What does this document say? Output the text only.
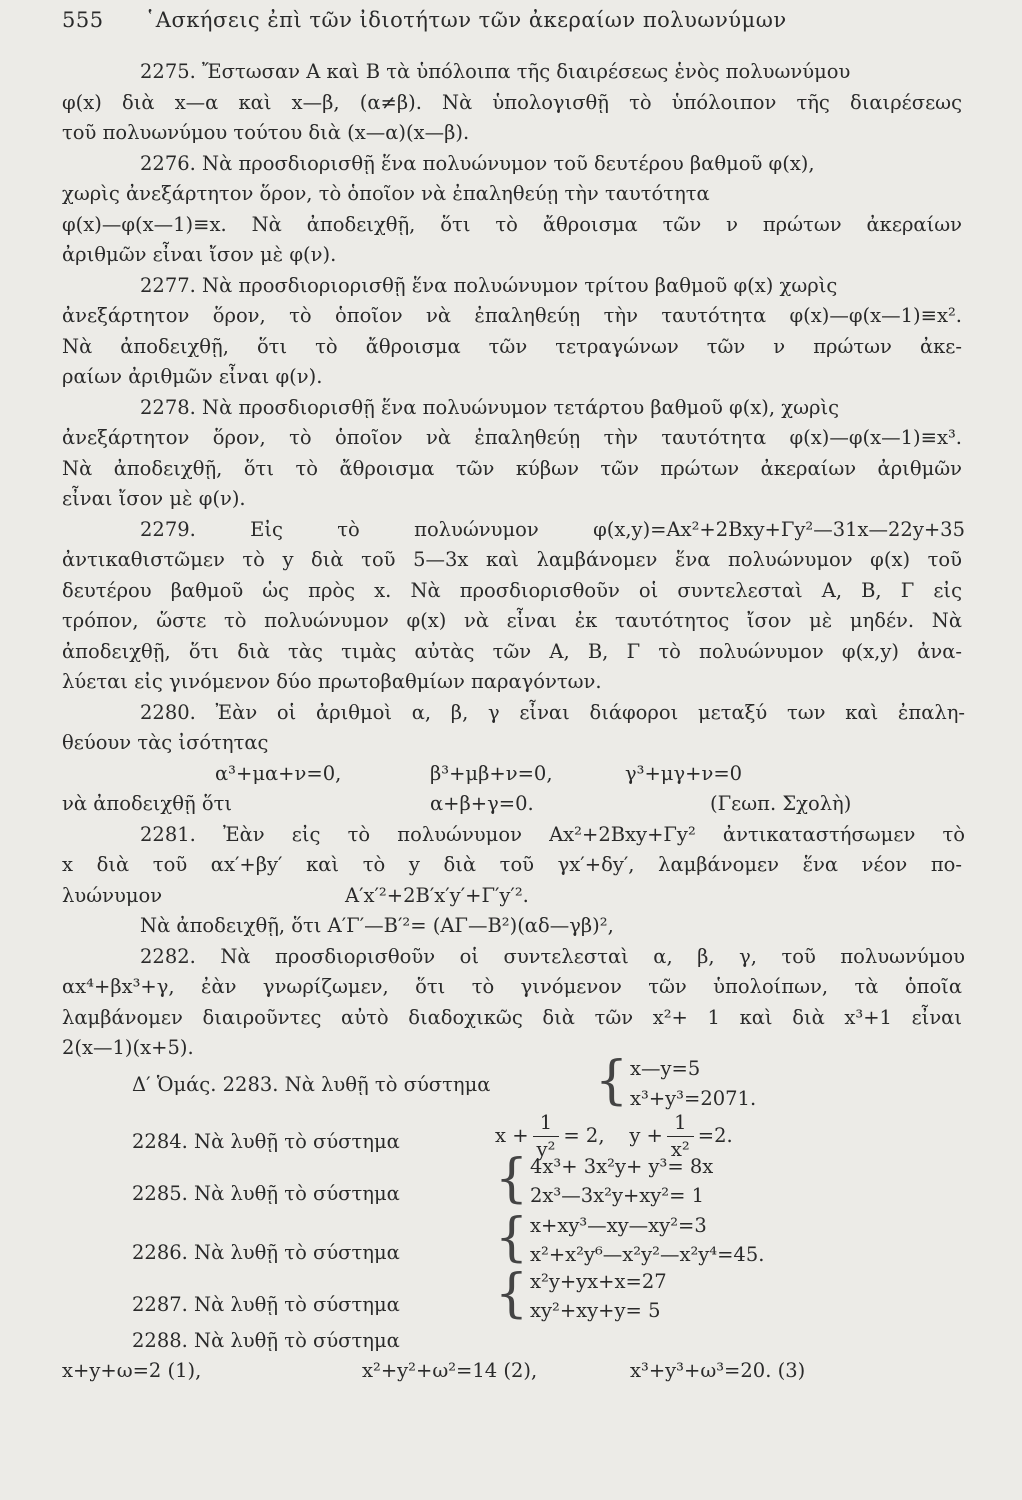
555 ῾Ασκήσεις ἐπὶ τῶν ἰδιοτήτων τῶν ἀκεραίων πολυωνύμων
2275. Ἔστωσαν Α καὶ Β τὰ ὑπόλοιπα τῆς διαιρέσεως ἑνὸς πολυωνύμου
φ(x) διὰ x—α καὶ x—β, (α≠β). Νὰ ὑπολογισθῇ τὸ ὑπόλοιπον τῆς διαιρέσεως
τοῦ πολυωνύμου τούτου διὰ (x—α)(x—β).
2276. Νὰ προσδιορισθῇ ἕνα πολυώνυμον τοῦ δευτέρου βαθμοῦ φ(x),
χωρὶς ἀνεξάρτητον ὅρον, τὸ ὁποῖον νὰ ἐπαληθεύῃ τὴν ταυτότητα
φ(x)—φ(x—1)≡x. Νὰ ἀποδειχθῇ, ὅτι τὸ ἄθροισμα τῶν ν πρώτων ἀκεραίων
ἀριθμῶν εἶναι ἴσον μὲ φ(ν).
2277. Νὰ προσδιοριορισθῇ ἕνα πολυώνυμον τρίτου βαθμοῦ φ(x) χωρὶς
ἀνεξάρτητον ὅρον, τὸ ὁποῖον νὰ ἐπαληθεύῃ τὴν ταυτότητα φ(x)—φ(x—1)≡x².
Νὰ ἀποδειχθῇ, ὅτι τὸ ἄθροισμα τῶν τετραγώνων τῶν ν πρώτων ἀκε-
ραίων ἀριθμῶν εἶναι φ(ν).
2278. Νὰ προσδιορισθῇ ἕνα πολυώνυμον τετάρτου βαθμοῦ φ(x), χωρὶς
ἀνεξάρτητον ὅρον, τὸ ὁποῖον νὰ ἐπαληθεύῃ τὴν ταυτότητα φ(x)—φ(x—1)≡x³.
Νὰ ἀποδειχθῇ, ὅτι τὸ ἄθροισμα τῶν κύβων τῶν πρώτων ἀκεραίων ἀριθμῶν
εἶναι ἴσον μὲ φ(ν).
2279. Εἰς τὸ πολυώνυμον φ(x,y)=Ax²+2Bxy+Γy²—31x—22y+35
ἀντικαθιστῶμεν τὸ y διὰ τοῦ 5—3x καὶ λαμβάνομεν ἕνα πολυώνυμον φ(x) τοῦ
δευτέρου βαθμοῦ ὡς πρὸς x. Νὰ προσδιορισθοῦν οἱ συντελεσταὶ Α, Β, Γ εἰς
τρόπον, ὥστε τὸ πολυώνυμον φ(x) νὰ εἶναι ἐκ ταυτότητος ἴσον μὲ μηδέν. Νὰ
ἀποδειχθῇ, ὅτι διὰ τὰς τιμὰς αὐτὰς τῶν Α, Β, Γ τὸ πολυώνυμον φ(x,y) ἀνα-
λύεται εἰς γινόμενον δύο πρωτοβαθμίων παραγόντων.
2280. Ἐὰν οἱ ἀριθμοὶ α, β, γ εἶναι διάφοροι μεταξύ των καὶ ἐπαλη-
θεύουν τὰς ἰσότητας
α³+μα+ν=0,	β³+μβ+ν=0,	γ³+μγ+ν=0
νὰ ἀποδειχθῇ ὅτι	α+β+γ=0.	(Γεωπ. Σχολὴ)
2281. Ἐὰν εἰς τὸ πολυώνυμον Ax²+2Bxy+Γy² ἀντικαταστήσωμεν τὸ
x διὰ τοῦ αx′+βy′ καὶ τὸ y διὰ τοῦ γx′+δy′, λαμβάνομεν ἕνα νέον πο-
λυώνυμον	Α′x′²+2Β′x′y′+Γ′y′².
Νὰ ἀποδειχθῇ, ὅτι Α′Γ′—Β′²= (ΑΓ—Β²)(αδ—γβ)²,
2282. Νὰ προσδιορισθοῦν οἱ συντελεσταὶ α, β, γ, τοῦ πολυωνύμου
αx⁴+βx³+γ, ἐὰν γνωρίζωμεν, ὅτι τὸ γινόμενον τῶν ὑπολοίπων, τὰ ὁποῖα
λαμβάνομεν διαιροῦντες αὐτὸ διαδοχικῶς διὰ τῶν x²+ 1 καὶ διὰ x³+1 εἶναι
2(x—1)(x+5).
Δ′ Ὁμάς. 2283. Νὰ λυθῇ τὸ σύστημα { x—y=5
x³+y³=2071.
2284. Νὰ λυθῇ τὸ σύστημα	$x + \frac{1}{\text{y²}} = 2$, $y + \frac{1}{\text{x²}} =2$.
2285. Νὰ λυθῇ τὸ σύστημα { 4x³+ 3x²y+ y³= 8x
2x³—3x²y+xy²= 1
2286. Νὰ λυθῇ τὸ σύστημα { x+xy³—xy—xy²=3
x²+x²y⁶—x²y²—x²y⁴=45.
2287. Νὰ λυθῇ τὸ σύστημα { x²y+yx+x=27
xy²+xy+y= 5
2288. Νὰ λυθῇ τὸ σύστημα
x+y+ω=2 (1),	x²+y²+ω²=14 (2),	x³+y³+ω³=20. (3)
